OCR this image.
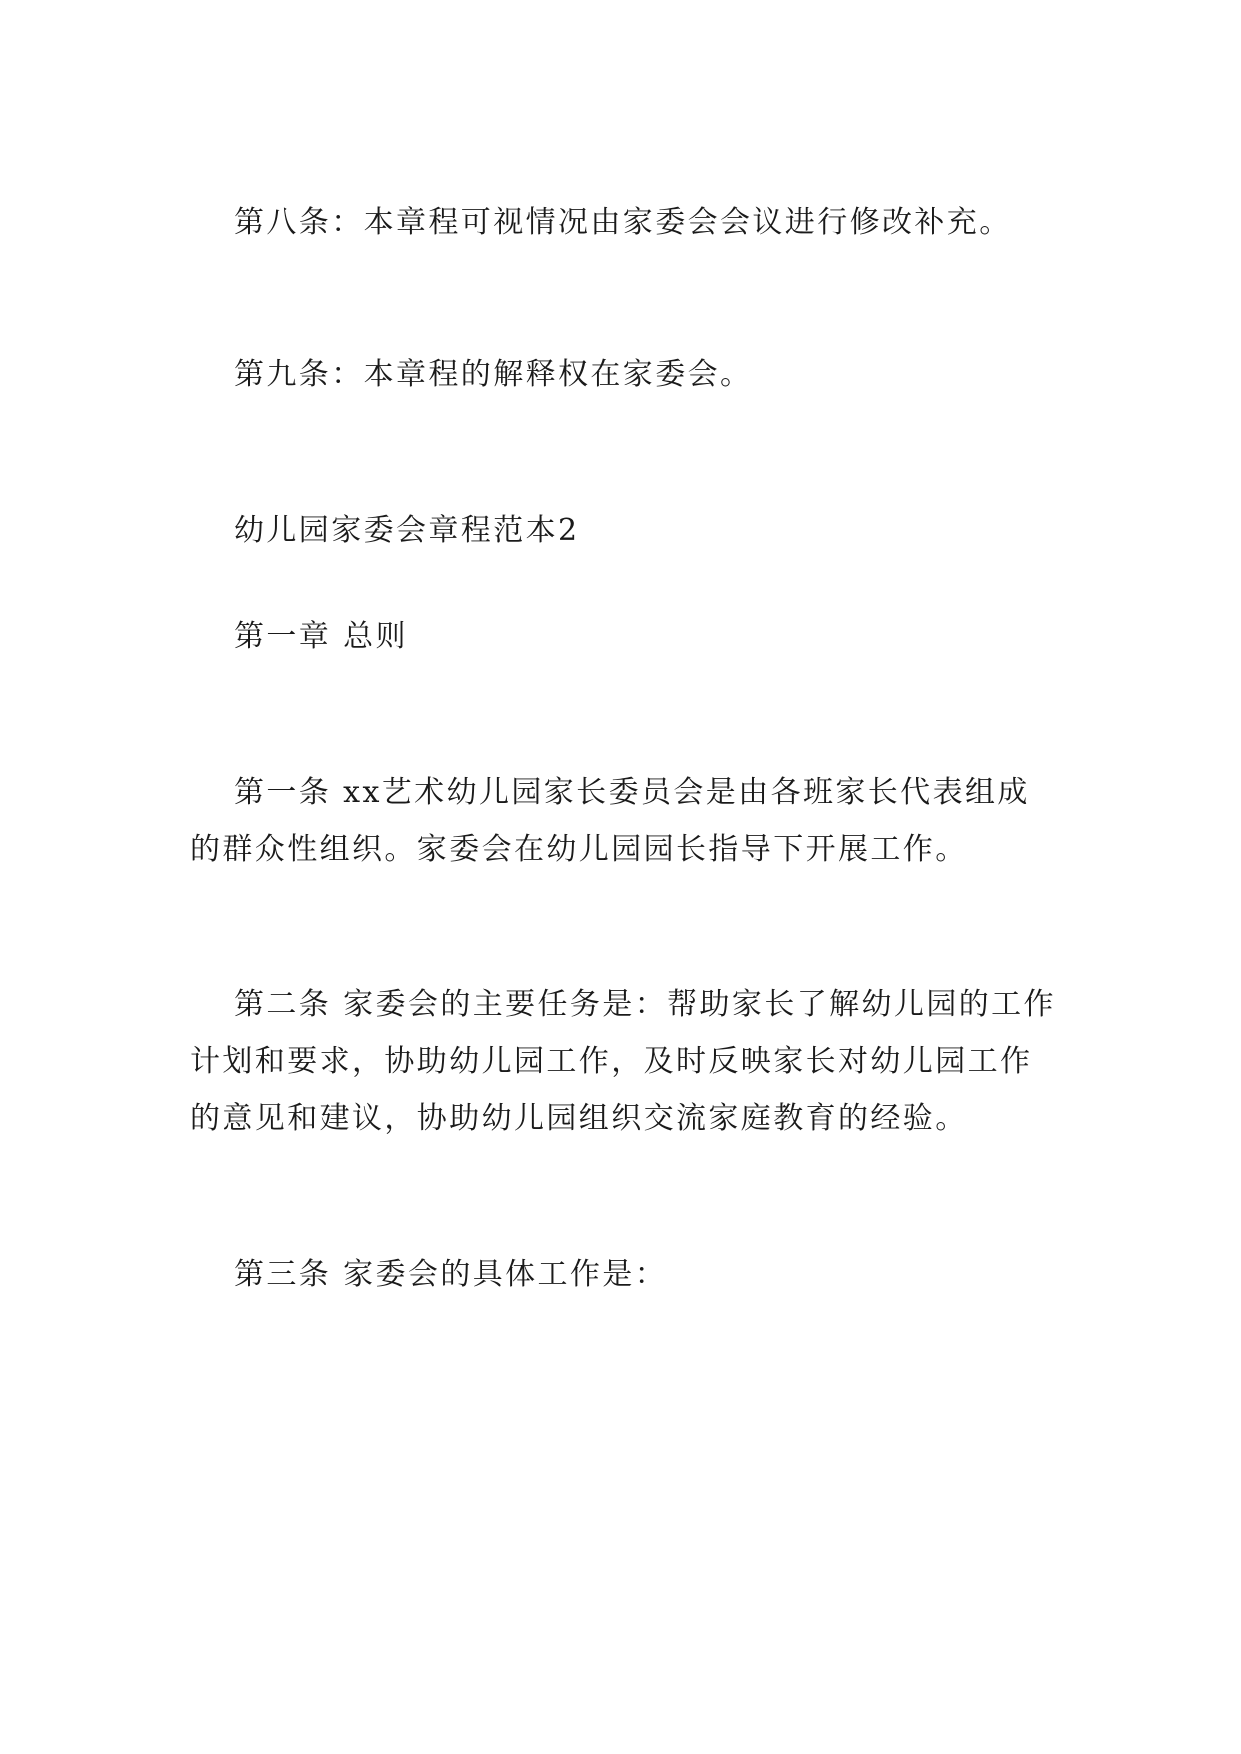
第八条：本章程可视情况由家委会会议进行修改补充。

第九条：本章程的解释权在家委会。

幼儿园家委会章程范本2

第一章 总则

第一条 xx艺术幼儿园家长委员会是由各班家长代表组成的群众性组织。家委会在幼儿园园长指导下开展工作。

第二条 家委会的主要任务是：帮助家长了解幼儿园的工作计划和要求，协助幼儿园工作，及时反映家长对幼儿园工作的意见和建议，协助幼儿园组织交流家庭教育的经验。

第三条 家委会的具体工作是：
